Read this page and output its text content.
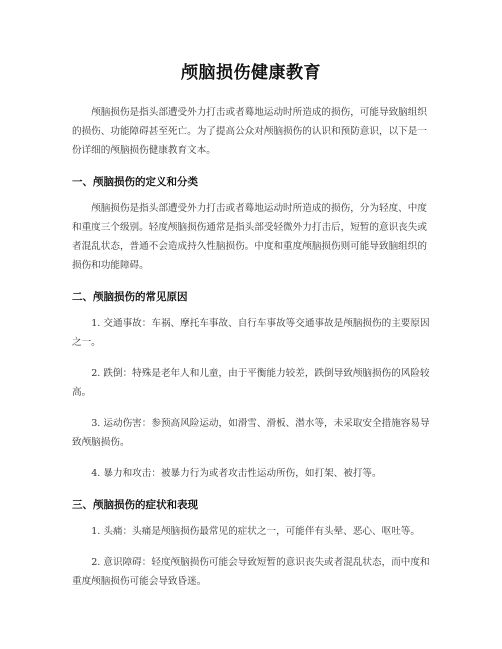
颅脑损伤健康教育

颅脑损伤是指头部遭受外力打击或者蓦地运动时所造成的损伤，可能导致脑组织的损伤、功能障碍甚至死亡。为了提高公众对颅脑损伤的认识和预防意识，以下是一份详细的颅脑损伤健康教育文本。

一、颅脑损伤的定义和分类

颅脑损伤是指头部遭受外力打击或者蓦地运动时所造成的损伤，分为轻度、中度和重度三个级别。轻度颅脑损伤通常是指头部受轻微外力打击后，短暂的意识丧失或者混乱状态，普通不会造成持久性脑损伤。中度和重度颅脑损伤则可能导致脑组织的损伤和功能障碍。

二、颅脑损伤的常见原因

1. 交通事故：车祸、摩托车事故、自行车事故等交通事故是颅脑损伤的主要原因之一。

2. 跌倒：特殊是老年人和儿童，由于平衡能力较差，跌倒导致颅脑损伤的风险较高。

3. 运动伤害：参预高风险运动，如滑雪、滑板、潜水等，未采取安全措施容易导致颅脑损伤。

4. 暴力和攻击：被暴力行为或者攻击性运动所伤，如打架、被打等。

三、颅脑损伤的症状和表现

1. 头痛：头痛是颅脑损伤最常见的症状之一，可能伴有头晕、恶心、呕吐等。

2. 意识障碍：轻度颅脑损伤可能会导致短暂的意识丧失或者混乱状态，而中度和重度颅脑损伤可能会导致昏迷。
